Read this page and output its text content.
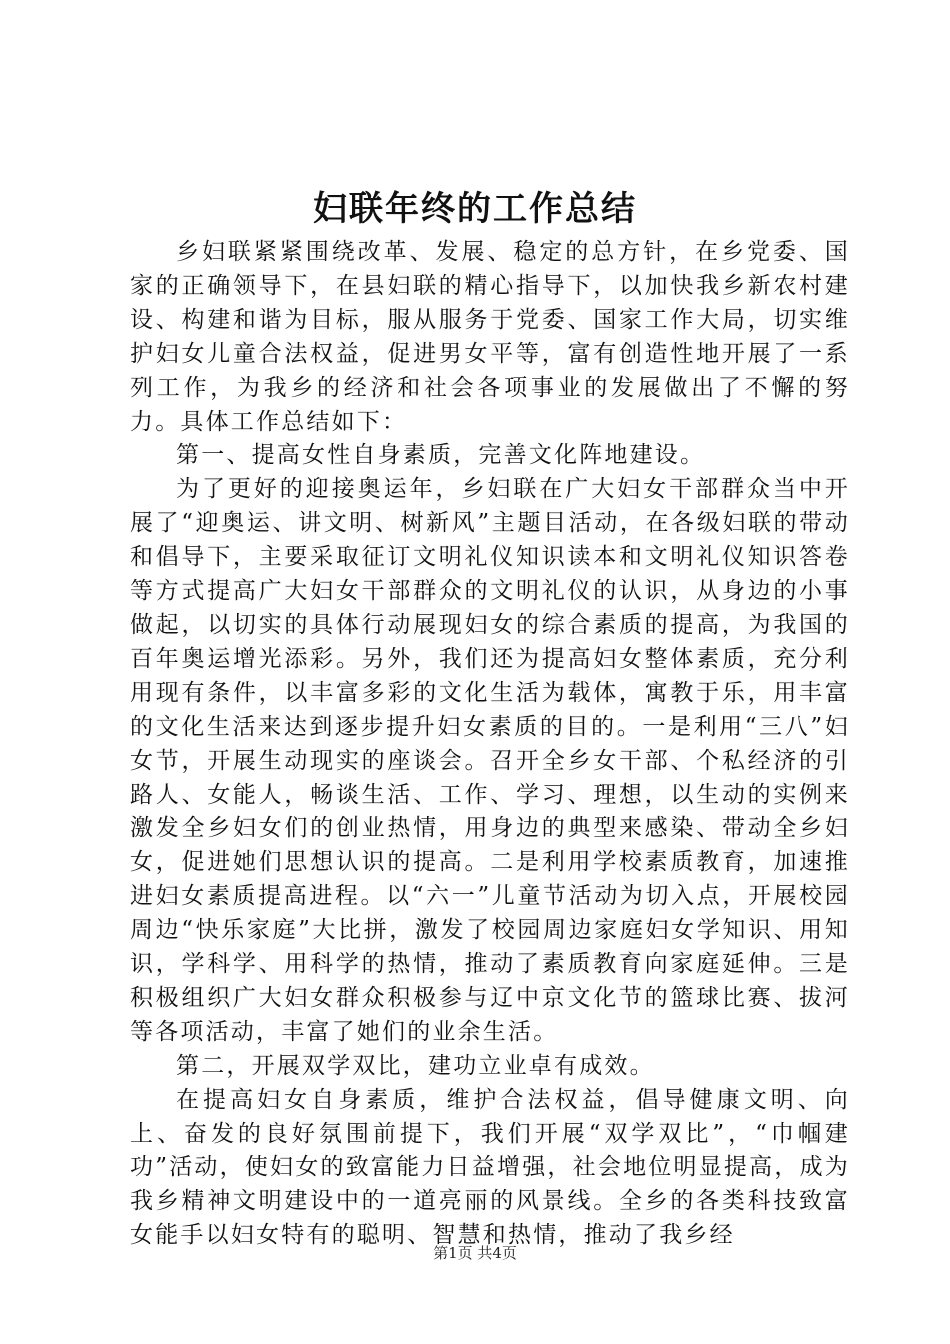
妇联年终的工作总结

乡妇联紧紧围绕改革、发展、稳定的总方针，在乡党委、国家的正确领导下，在县妇联的精心指导下，以加快我乡新农村建设、构建和谐为目标，服从服务于党委、国家工作大局，切实维护妇女儿童合法权益，促进男女平等，富有创造性地开展了一系列工作，为我乡的经济和社会各项事业的发展做出了不懈的努力。具体工作总结如下：

第一、提高女性自身素质，完善文化阵地建设。

为了更好的迎接奥运年，乡妇联在广大妇女干部群众当中开展了“迎奥运、讲文明、树新风”主题目活动，在各级妇联的带动和倡导下，主要采取征订文明礼仪知识读本和文明礼仪知识答卷等方式提高广大妇女干部群众的文明礼仪的认识，从身边的小事做起，以切实的具体行动展现妇女的综合素质的提高，为我国的百年奥运增光添彩。另外，我们还为提高妇女整体素质，充分利用现有条件，以丰富多彩的文化生活为载体，寓教于乐，用丰富的文化生活来达到逐步提升妇女素质的目的。一是利用“三八”妇女节，开展生动现实的座谈会。召开全乡女干部、个私经济的引路人、女能人，畅谈生活、工作、学习、理想，以生动的实例来激发全乡妇女们的创业热情，用身边的典型来感染、带动全乡妇女，促进她们思想认识的提高。二是利用学校素质教育，加速推进妇女素质提高进程。以“六一”儿童节活动为切入点，开展校园周边“快乐家庭”大比拼，激发了校园周边家庭妇女学知识、用知识，学科学、用科学的热情，推动了素质教育向家庭延伸。三是积极组织广大妇女群众积极参与辽中京文化节的篮球比赛、拔河等各项活动，丰富了她们的业余生活。

第二，开展双学双比，建功立业卓有成效。

在提高妇女自身素质，维护合法权益，倡导健康文明、向上、奋发的良好氛围前提下，我们开展“双学双比”，“巾帼建功”活动，使妇女的致富能力日益增强，社会地位明显提高，成为我乡精神文明建设中的一道亮丽的风景线。全乡的各类科技致富女能手以妇女特有的聪明、智慧和热情，推动了我乡经

第1页 共4页
